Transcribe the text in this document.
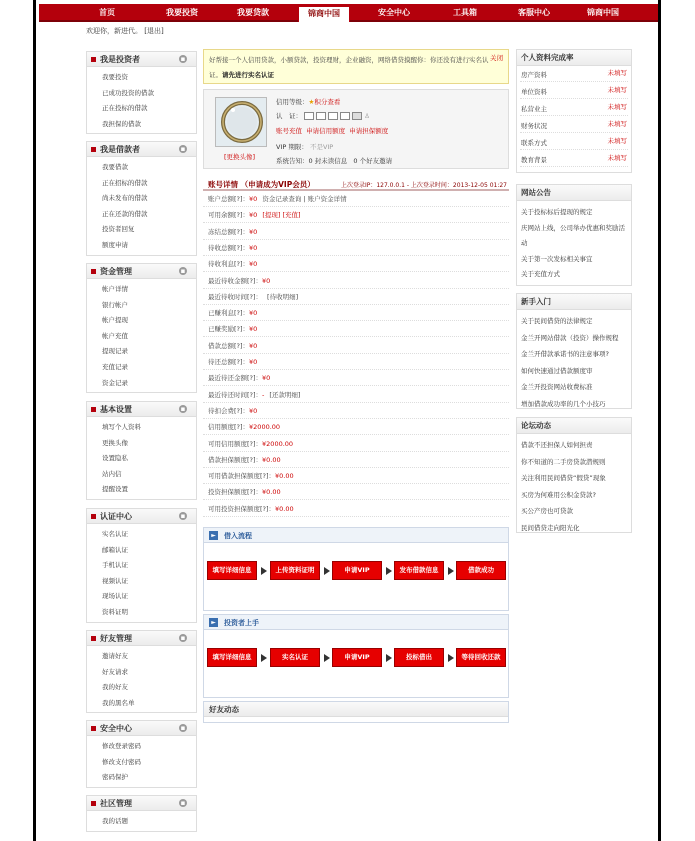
首页	我要投资	我要贷款	锦商中国	安全中心	工具箱	客服中心	锦商中国
欢迎你，新进代。 [退出]
我是投资者	▪
我要投资
已成功投资的借款
正在投标的借款
我担保的借款
我是借款者	▪
我要借款
正在招标的借款
尚未发布的借款
正在还款的借款
投资者回复
额度申请
资金管理	▪
帐户详情
银行帐户
帐户提现
帐户充值
提现记录
充值记录
资金记录
基本设置	▪
填写个人资料
更换头像
设置隐私
站内信
提醒设置
认证中心	▪
实名认证
邮箱认证
手机认证
视频认证
现场认证
资料证明
好友管理	▪
邀请好友
好友请求
我的好友
我的黑名单
安全中心	▪
修改登录密码
修改支付密码
密码保护
社区管理	▪
我的话题
好帮接一个人信用贷款，小额贷款，投资理财，企业融资，网络借贷摸醒你：你还没有进行实名认
证。请先进行实名认证
关闭
[更换头像]
信用等级：★积分查看
认　证：	♙
账号充值 申请信用额度 申请担保额度
VIP 期限： 不是VIP
系统告知：0 封未读信息 0 个好友邀请
账号详情 （申请成为VIP会员）	上次登录IP：127.0.0.1 - 上次登录时间：2013-12-05 01:27
账户总额[?]：¥0 资金记录查询 | 账户资金详情
可用余额[?]：¥0 [提现] [充值]
冻结总额[?]：¥0
待收总额[?]：¥0
待收利息[?]：¥0
最近待收金额[?]：¥0
最近待收时间[?]： [待收明细]
已赚利息[?]：¥0
已赚奖励[?]：¥0
借款总额[?]：¥0
待还总额[?]：¥0
最近待还金额[?]：¥0
最近待还时间[?]：- [还款明细]
待扣会费[?]：¥0
信用额度[?]：¥2000.00
可用信用额度[?]：¥2000.00
借款担保额度[?]：¥0.00
可用借款担保额度[?]：¥0.00
投资担保额度[?]：¥0.00
可用投资担保额度[?]：¥0.00
►	借入流程
填写详细信息	上传资料证明	申请VIP	发布借款信息	借款成功
►	投资者上手
填写详细信息	实名认证	申请VIP	投标借出	等待回收还款
好友动态
个人资料完成率
房产资料	未填写
单位资料	未填写
私营业主	未填写
财务状况	未填写
联系方式	未填写
教育背景	未填写
网站公告
关于投标标后提现的规定
庆网站上线，公司举办优惠和奖励活
动
关于第一次发标相关事宜
关于充值方式
新手入门
关于民间借贷的法律规定
金兰开网站借款（投资）操作规程
金兰开借款承诺书的注意事项?
如何快速通过借款额度审
金兰开投资网站收费标准
增加借款成功率的几个小技巧
论坛动态
借款不还担保人如何担责
你不知道的二手房贷款潜规则
关注利用民间借贷“假贷”现象
买房为何难用公积金贷款?
买公产房也可贷款
民间借贷走向阳光化
